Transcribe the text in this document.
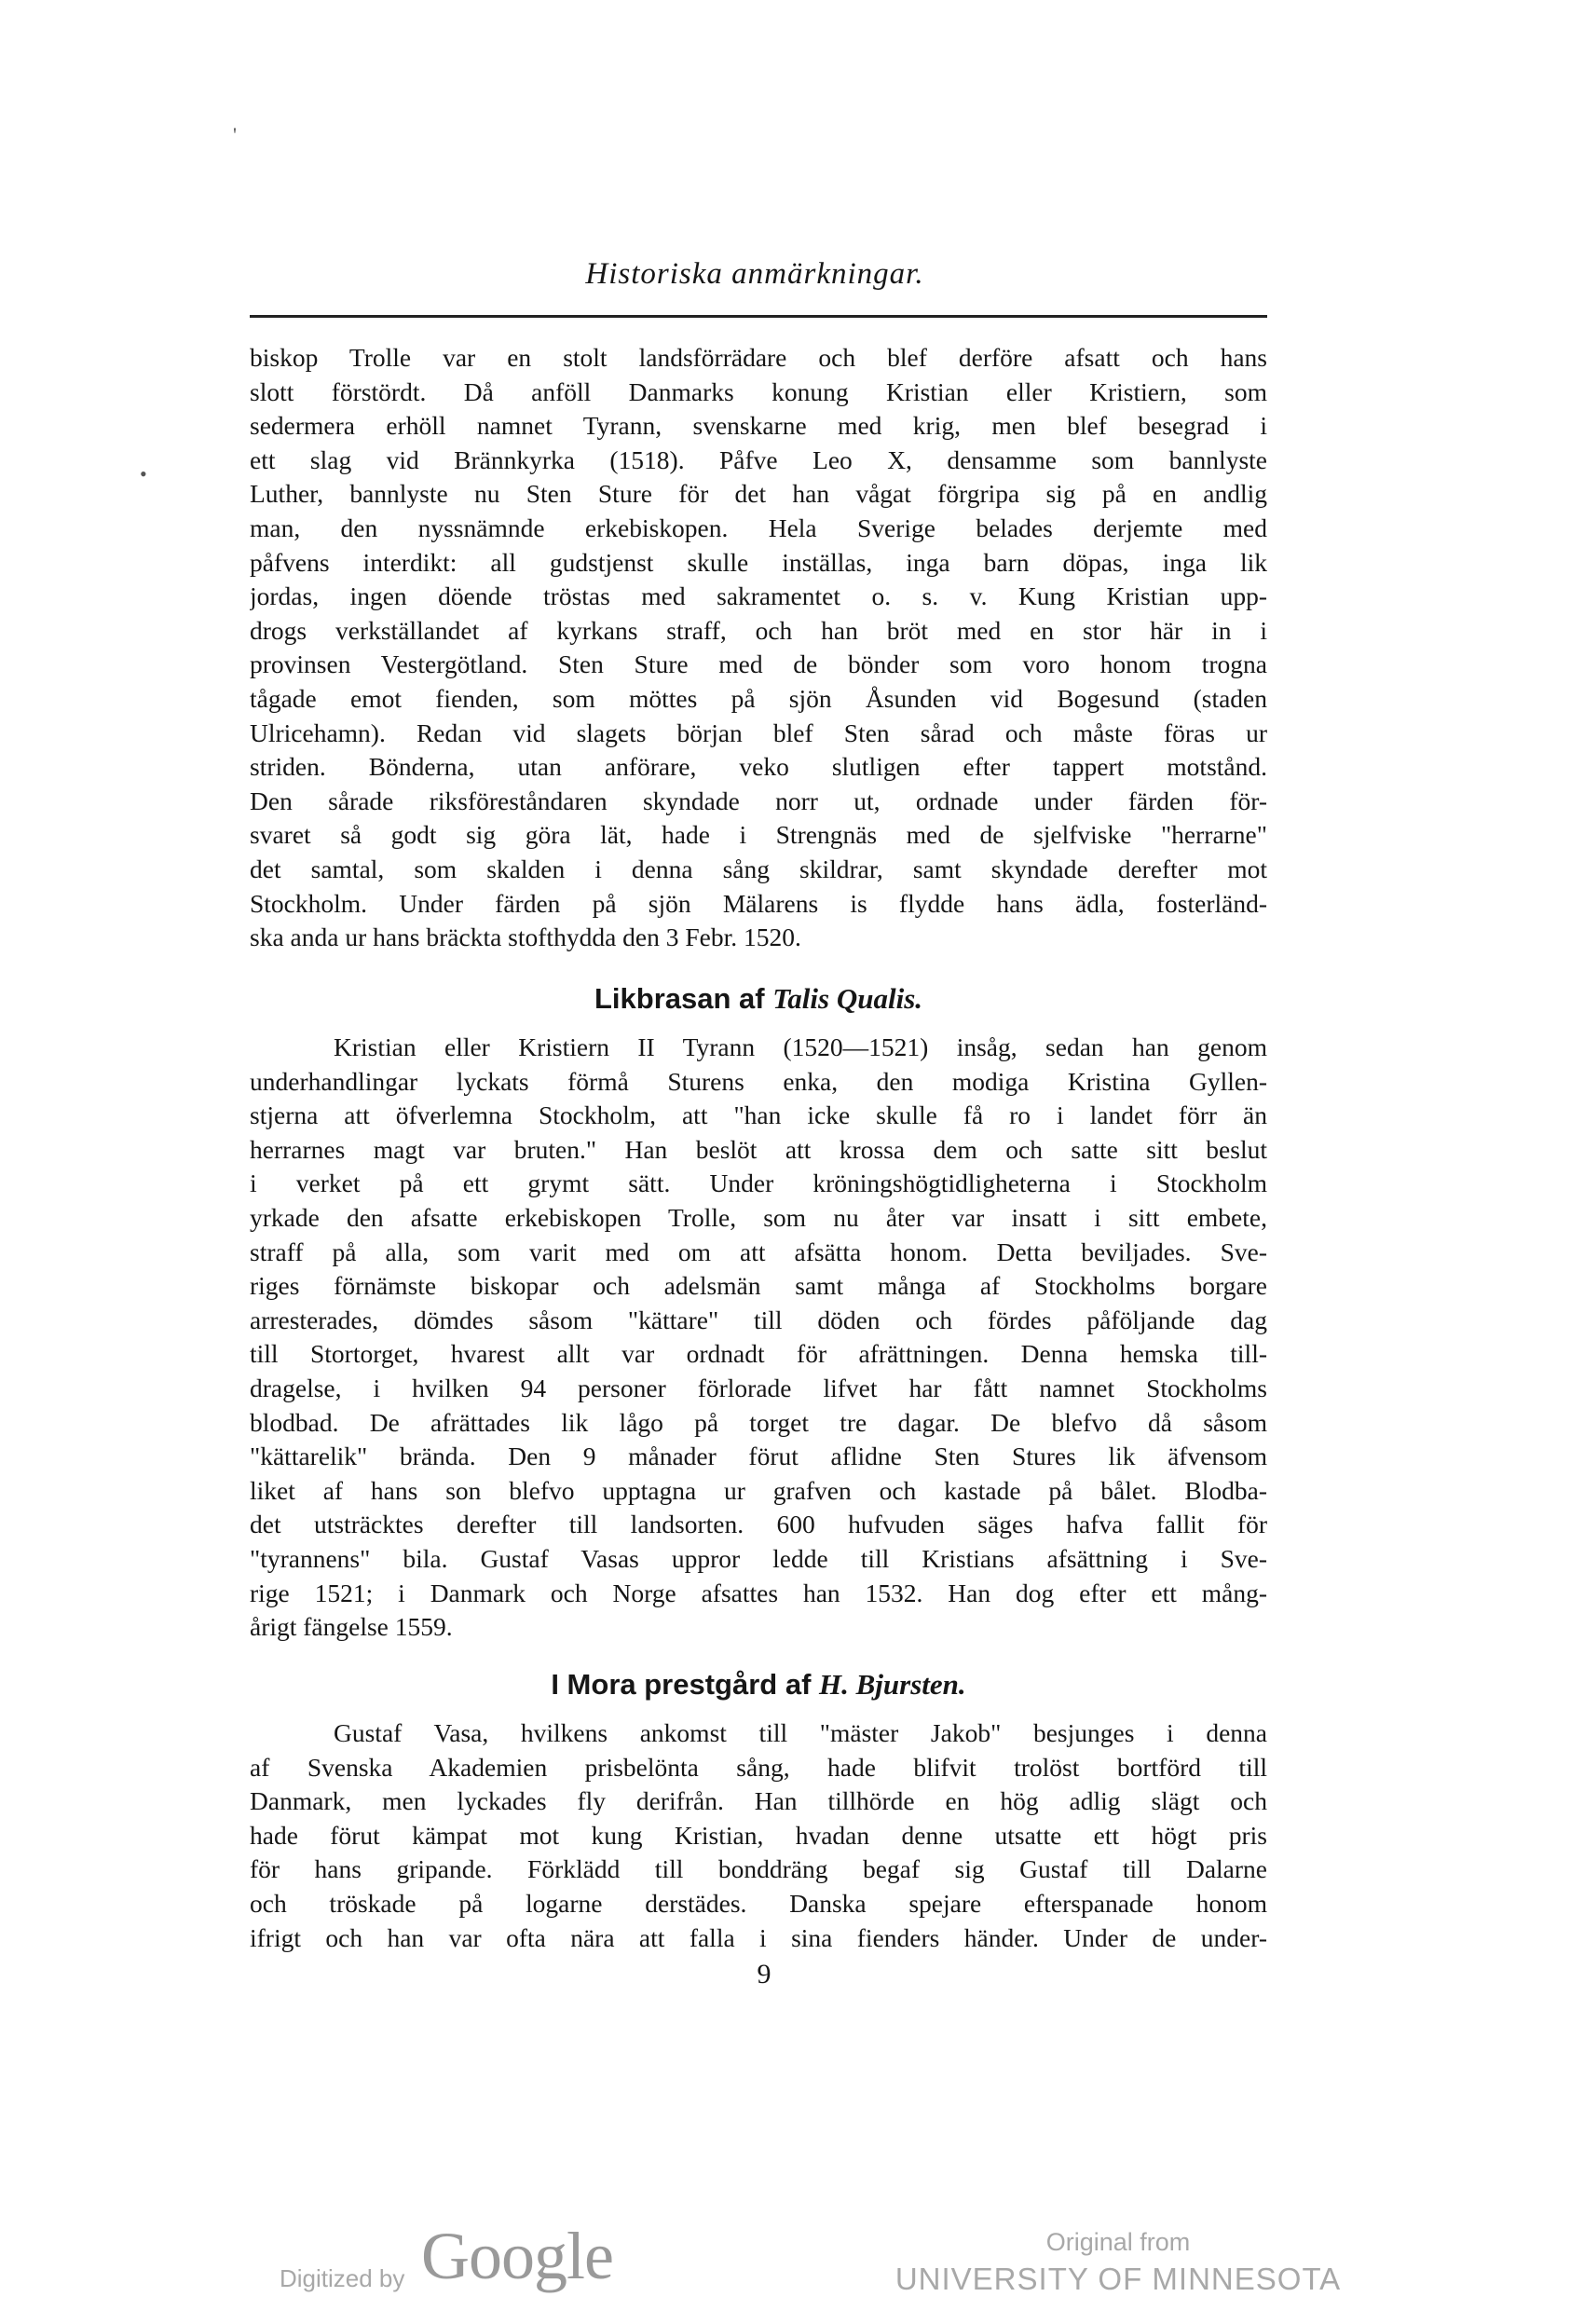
'
•
Historiska anmärkningar.
biskop Trolle var en stolt landsförrädare och blef derföre afsatt och hans
slott förstördt. Då anföll Danmarks konung Kristian eller Kristiern, som
sedermera erhöll namnet Tyrann, svenskarne med krig, men blef besegrad i
ett slag vid Brännkyrka (1518). Påfve Leo X, densamme som bannlyste
Luther, bannlyste nu Sten Sture för det han vågat förgripa sig på en andlig
man, den nyssnämnde erkebiskopen. Hela Sverige belades derjemte med
påfvens interdikt: all gudstjenst skulle inställas, inga barn döpas, inga lik
jordas, ingen döende tröstas med sakramentet o. s. v. Kung Kristian upp-
drogs verkställandet af kyrkans straff, och han bröt med en stor här in i
provinsen Vestergötland. Sten Sture med de bönder som voro honom trogna
tågade emot fienden, som möttes på sjön Åsunden vid Bogesund (staden
Ulricehamn). Redan vid slagets början blef Sten sårad och måste föras ur
striden. Bönderna, utan anförare, veko slutligen efter tappert motstånd.
Den sårade riksföreståndaren skyndade norr ut, ordnade under färden för-
svaret så godt sig göra lät, hade i Strengnäs med de sjelfviske "herrarne"
det samtal, som skalden i denna sång skildrar, samt skyndade derefter mot
Stockholm. Under färden på sjön Mälarens is flydde hans ädla, fosterländ-
ska anda ur hans bräckta stofthydda den 3 Febr. 1520.
Likbrasan af Talis Qualis.
Kristian eller Kristiern II Tyrann (1520—1521) insåg, sedan han genom
underhandlingar lyckats förmå Sturens enka, den modiga Kristina Gyllen-
stjerna att öfverlemna Stockholm, att "han icke skulle få ro i landet förr än
herrarnes magt var bruten." Han beslöt att krossa dem och satte sitt beslut
i verket på ett grymt sätt. Under kröningshögtidligheterna i Stockholm
yrkade den afsatte erkebiskopen Trolle, som nu åter var insatt i sitt embete,
straff på alla, som varit med om att afsätta honom. Detta beviljades. Sve-
riges förnämste biskopar och adelsmän samt många af Stockholms borgare
arresterades, dömdes såsom "kättare" till döden och fördes påföljande dag
till Stortorget, hvarest allt var ordnadt för afrättningen. Denna hemska till-
dragelse, i hvilken 94 personer förlorade lifvet har fått namnet Stockholms
blodbad. De afrättades lik lågo på torget tre dagar. De blefvo då såsom
"kättarelik" brända. Den 9 månader förut aflidne Sten Stures lik äfvensom
liket af hans son blefvo upptagna ur grafven och kastade på bålet. Blodba-
det utsträcktes derefter till landsorten. 600 hufvuden säges hafva fallit för
"tyrannens" bila. Gustaf Vasas uppror ledde till Kristians afsättning i Sve-
rige 1521; i Danmark och Norge afsattes han 1532. Han dog efter ett mång-
årigt fängelse 1559.
I Mora prestgård af H. Bjursten.
Gustaf Vasa, hvilkens ankomst till "mäster Jakob" besjunges i denna
af Svenska Akademien prisbelönta sång, hade blifvit trolöst bortförd till
Danmark, men lyckades fly derifrån. Han tillhörde en hög adlig slägt och
hade förut kämpat mot kung Kristian, hvadan denne utsatte ett högt pris
för hans gripande. Förklädd till bonddräng begaf sig Gustaf till Dalarne
och tröskade på logarne derstädes. Danska spejare efterspanade honom
ifrigt och han var ofta nära att falla i sina fienders händer. Under de under-
9
Digitized by Google	Original from
UNIVERSITY OF MINNESOTA
